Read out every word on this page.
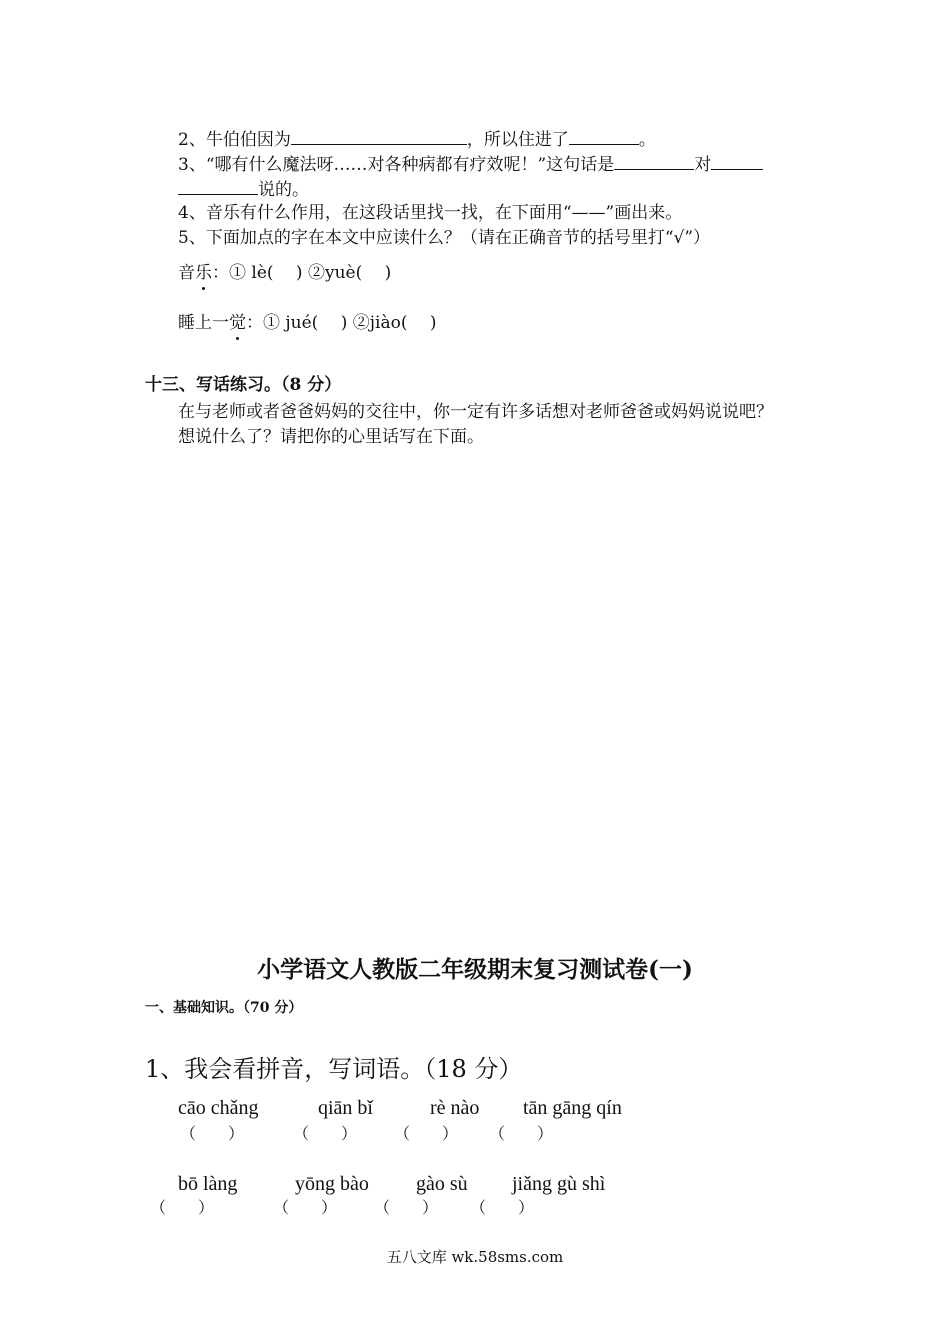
2、牛伯伯因为	，所以住进了	。
3、“哪有什么魔法呀……对各种病都有疗效呢！”这句话是	对
说的。
4、音乐有什么作用，在这段话里找一找，在下面用“——”画出来。
5、下面加点的字在本文中应读什么？（请在正确音节的括号里打“√”）
音乐：① lè(　 ) ②yuè(　 )
睡上一觉：① jué(　 ) ②jiào(　 )
十三、写话练习。（8 分）
在与老师或者爸爸妈妈的交往中，你一定有许多话想对老师爸爸或妈妈说说吧？
想说什么了？请把你的心里话写在下面。
小学语文人教版二年级期末复习测试卷(一)
一、基础知识。（70 分）
1、我会看拼音，写词语。（18 分）
cāo chǎng	qiān bǐ	rè nào tān gāng qín
（　　）	（　　） （　　） （　　）
bō làng	yōng bào gào sù jiǎng gù shì
（　　）	（　　） （　　） （　　）
五八文库 wk.58sms.com
